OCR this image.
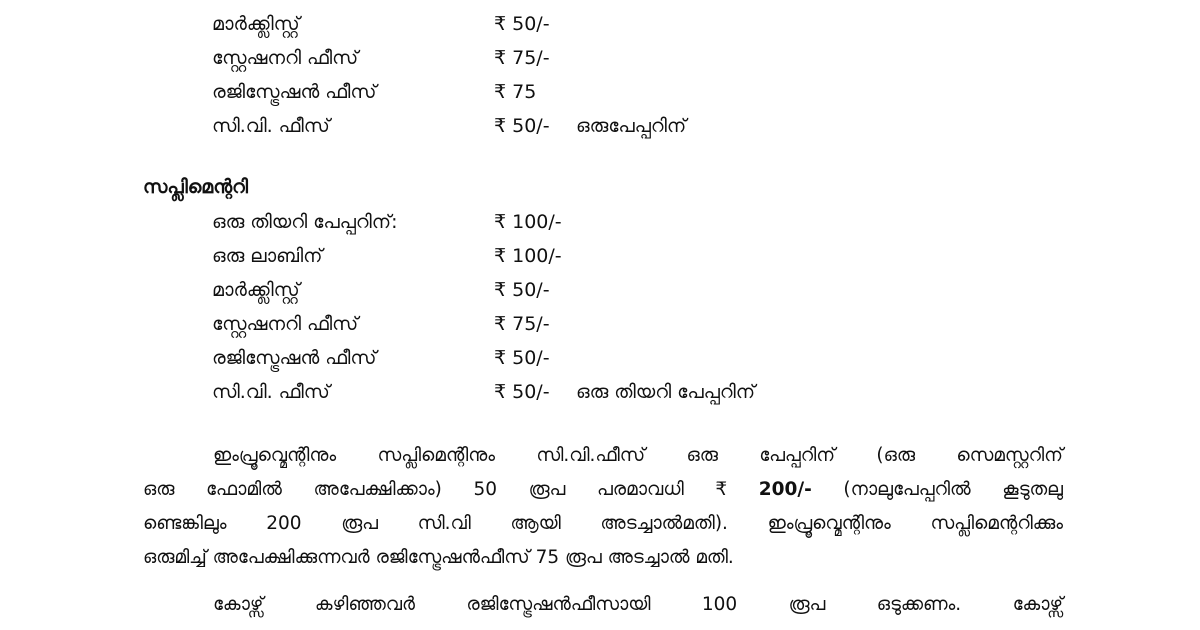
മാർക്ക്ലിസ്റ്റ്	₹ 50/-
സ്റ്റേഷനറി ഫീസ്	₹ 75/-
രജിസ്ട്രേഷൻ ഫീസ്	₹ 75
സി.വി. ഫീസ്	₹ 50/-	ഒരുപേപ്പറിന്
സപ്ലിമെന്ററി
ഒരു തിയറി പേപ്പറിന്:	₹ 100/-
ഒരു ലാബിന്	₹ 100/-
മാർക്ക്ലിസ്റ്റ്	₹ 50/-
സ്റ്റേഷനറി ഫീസ്	₹ 75/-
രജിസ്ട്രേഷൻ ഫീസ്	₹ 50/-
സി.വി. ഫീസ്	₹ 50/-	ഒരു തിയറി പേപ്പറിന്

ഇംപ്രൂവ്മെന്റിനും സപ്ലിമെന്റിനും സി.വി.ഫീസ് ഒരു പേപ്പറിന് (ഒരു സെമസ്റ്ററിന്

ഒരു ഫോമിൽ അപേക്ഷിക്കാം) 50 രൂപ പരമാവധി ₹ 200/- (നാലുപേപ്പറിൽ കൂടുതലു

ണ്ടെങ്കിലും 200 രൂപ സി.വി ആയി അടച്ചാൽമതി). ഇംപ്രൂവ്മെന്റിനും സപ്ലിമെന്ററിക്കും

ഒരുമിച്ച് അപേക്ഷിക്കുന്നവർ രജിസ്ട്രേഷൻഫീസ് 75 രൂപ അടച്ചാൽ മതി.

കോഴ്സ് കഴിഞ്ഞവർ രജിസ്ട്രേഷൻഫീസായി 100 രൂപ ഒടുക്കണം. കോഴ്സ്
